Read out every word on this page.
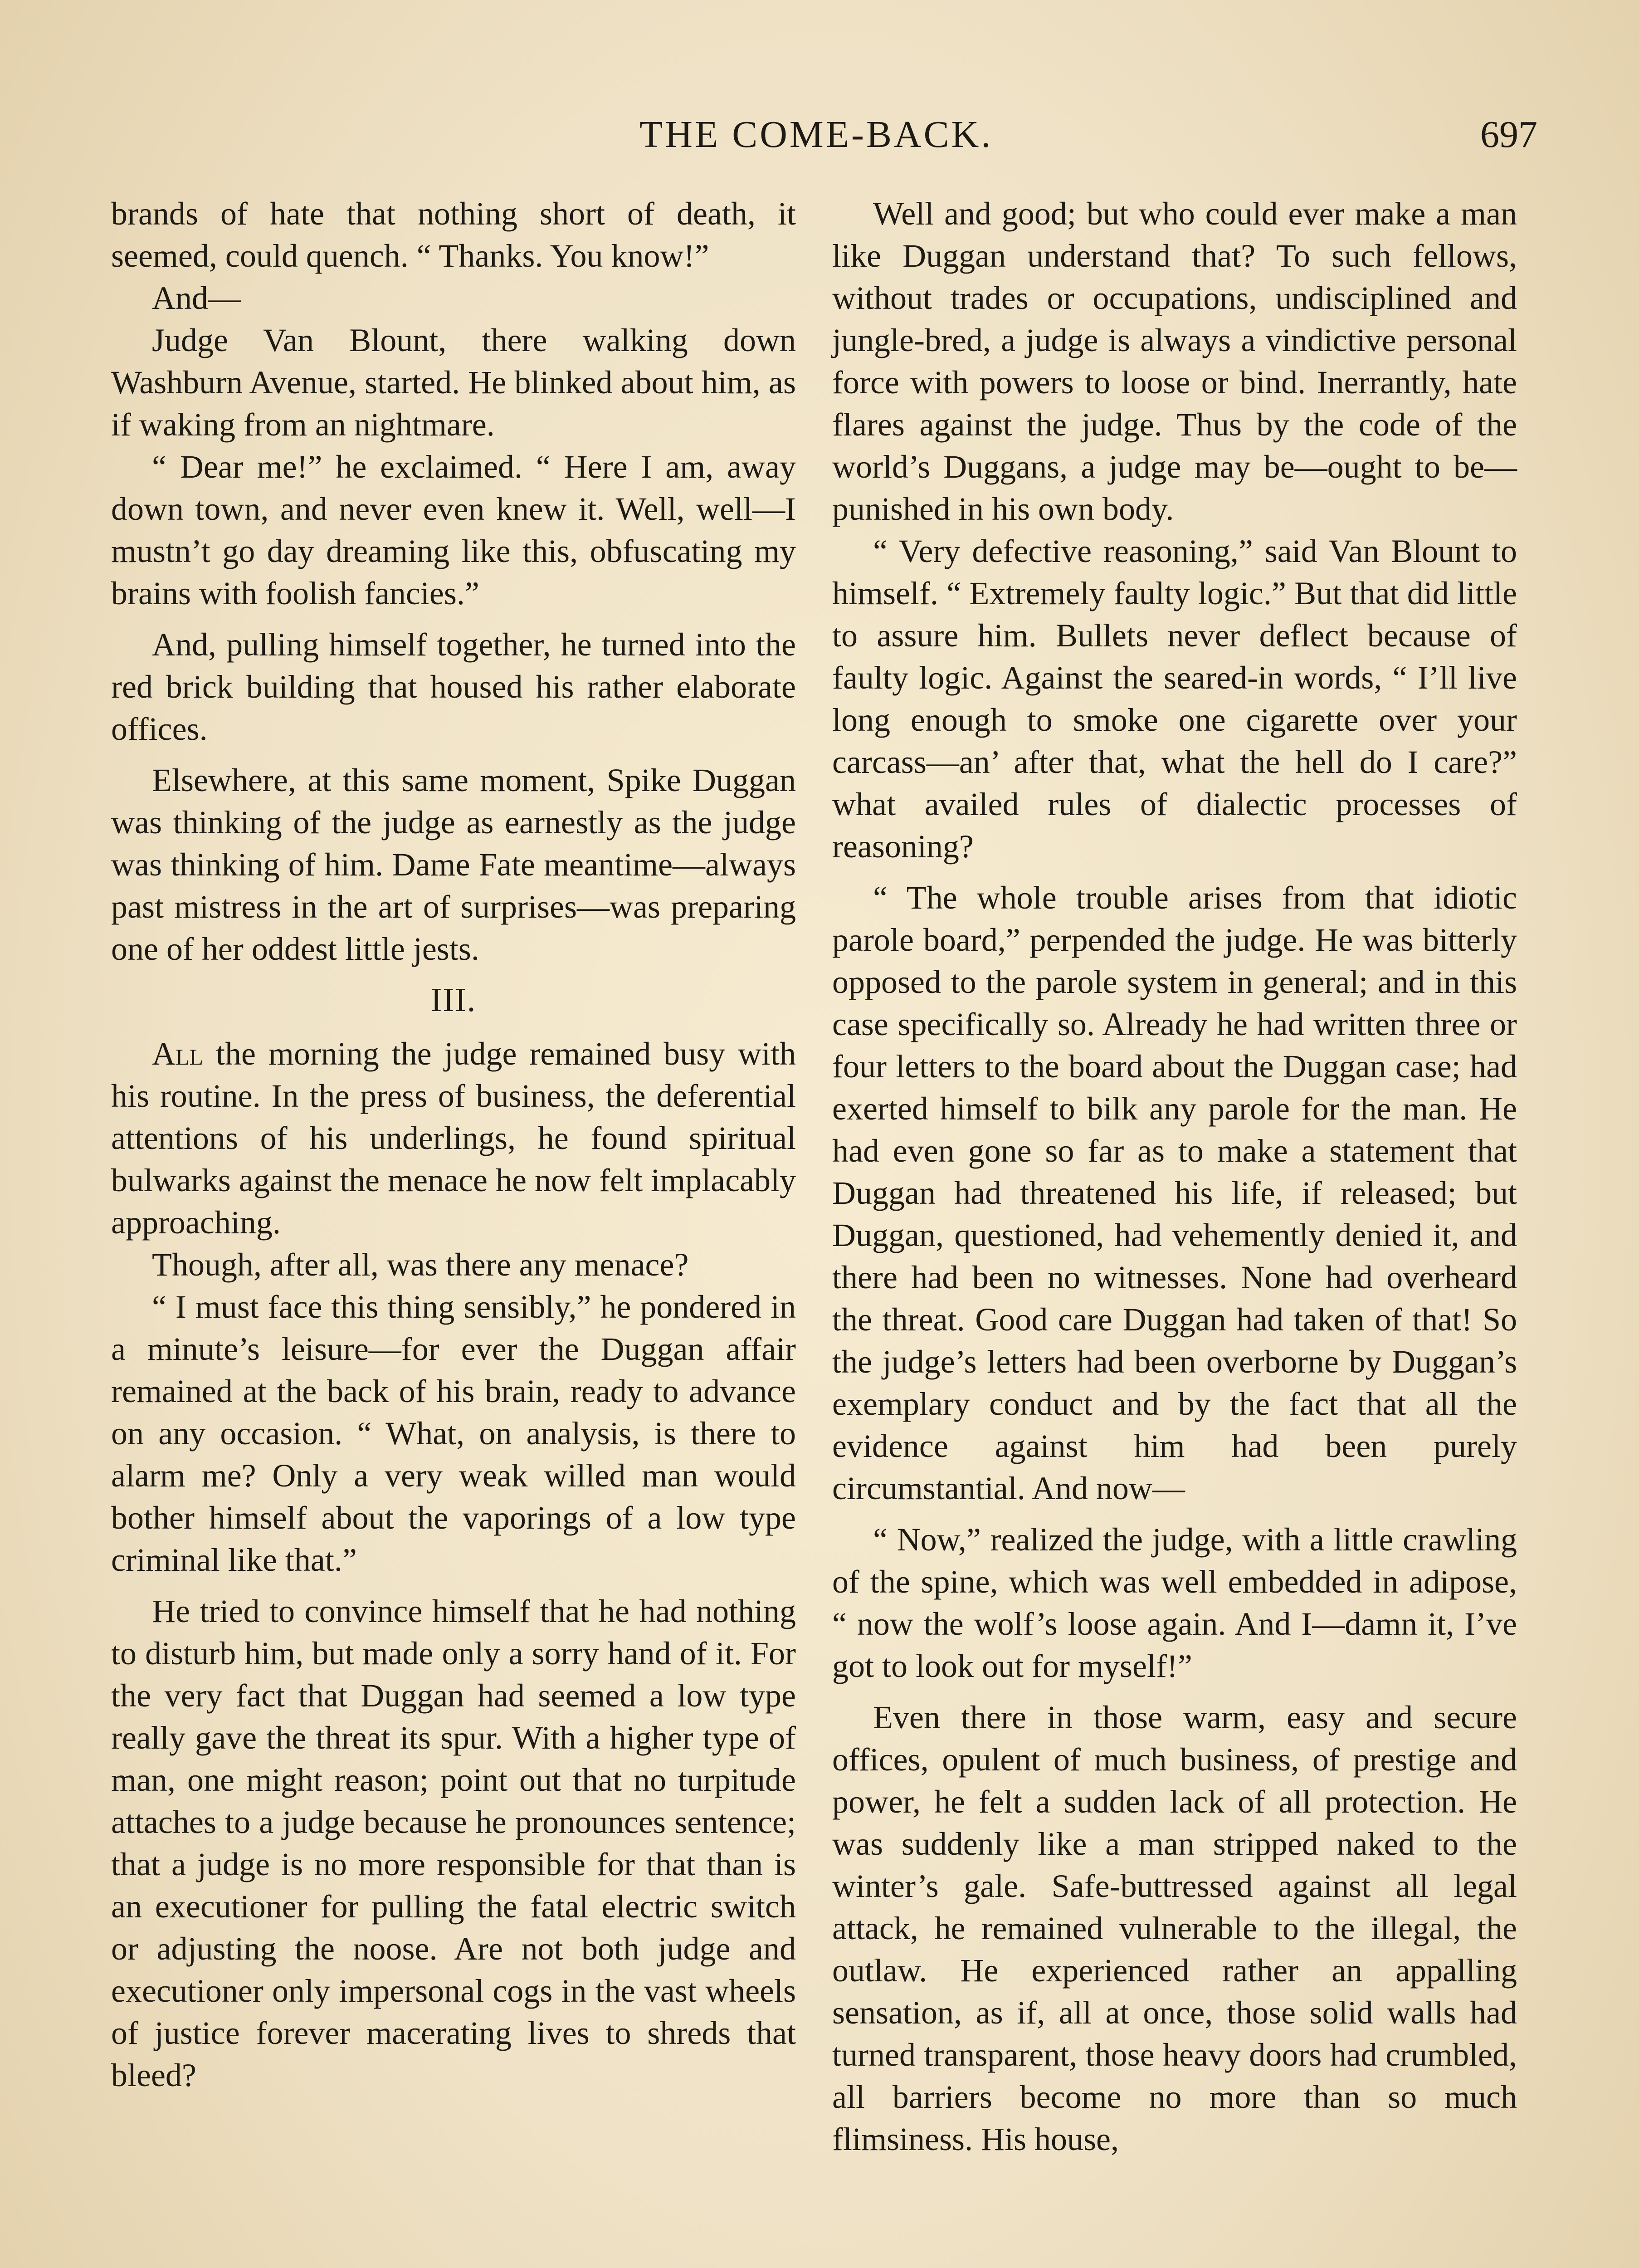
THE COME-BACK.	697

brands of hate that nothing short of death, it seemed, could quench. “ Thanks. You know!”

And—

Judge Van Blount, there walking down Washburn Avenue, started. He blinked about him, as if waking from an nightmare.

“ Dear me!” he exclaimed. “ Here I am, away down town, and never even knew it. Well, well—I mustn’t go day dreaming like this, obfuscating my brains with foolish fancies.”

And, pulling himself together, he turned into the red brick building that housed his rather elaborate offices.

Elsewhere, at this same moment, Spike Duggan was thinking of the judge as earnestly as the judge was thinking of him. Dame Fate meantime—always past mistress in the art of surprises—was preparing one of her oddest little jests.

III.

All the morning the judge remained busy with his routine. In the press of business, the deferential attentions of his underlings, he found spiritual bulwarks against the menace he now felt implacably approaching.

Though, after all, was there any menace?

“ I must face this thing sensibly,” he pondered in a minute’s leisure—for ever the Duggan affair remained at the back of his brain, ready to advance on any occasion. “ What, on analysis, is there to alarm me? Only a very weak willed man would bother himself about the vaporings of a low type criminal like that.”

He tried to convince himself that he had nothing to disturb him, but made only a sorry hand of it. For the very fact that Duggan had seemed a low type really gave the threat its spur. With a higher type of man, one might reason; point out that no turpitude attaches to a judge because he pronounces sentence; that a judge is no more responsible for that than is an executioner for pulling the fatal electric switch or adjusting the noose. Are not both judge and executioner only impersonal cogs in the vast wheels of justice forever macerating lives to shreds that bleed?

Well and good; but who could ever make a man like Duggan understand that? To such fellows, without trades or occupations, undisciplined and jungle-bred, a judge is always a vindictive personal force with powers to loose or bind. Inerrantly, hate flares against the judge. Thus by the code of the world’s Duggans, a judge may be—ought to be—punished in his own body.

“ Very defective reasoning,” said Van Blount to himself. “ Extremely faulty logic.” But that did little to assure him. Bullets never deflect because of faulty logic. Against the seared-in words, “ I’ll live long enough to smoke one cigarette over your carcass—an’ after that, what the hell do I care?” what availed rules of dialectic processes of reasoning?

“ The whole trouble arises from that idiotic parole board,” perpended the judge. He was bitterly opposed to the parole system in general; and in this case specifically so. Already he had written three or four letters to the board about the Duggan case; had exerted himself to bilk any parole for the man. He had even gone so far as to make a statement that Duggan had threatened his life, if released; but Duggan, questioned, had vehemently denied it, and there had been no witnesses. None had overheard the threat. Good care Duggan had taken of that! So the judge’s letters had been overborne by Duggan’s exemplary conduct and by the fact that all the evidence against him had been purely circumstantial. And now—

“ Now,” realized the judge, with a little crawling of the spine, which was well embedded in adipose, “ now the wolf’s loose again. And I—damn it, I’ve got to look out for myself!”

Even there in those warm, easy and secure offices, opulent of much business, of prestige and power, he felt a sudden lack of all protection. He was suddenly like a man stripped naked to the winter’s gale. Safe-buttressed against all legal attack, he remained vulnerable to the illegal, the outlaw. He experienced rather an appalling sensation, as if, all at once, those solid walls had turned transparent, those heavy doors had crumbled, all barriers become no more than so much flimsiness. His house,
